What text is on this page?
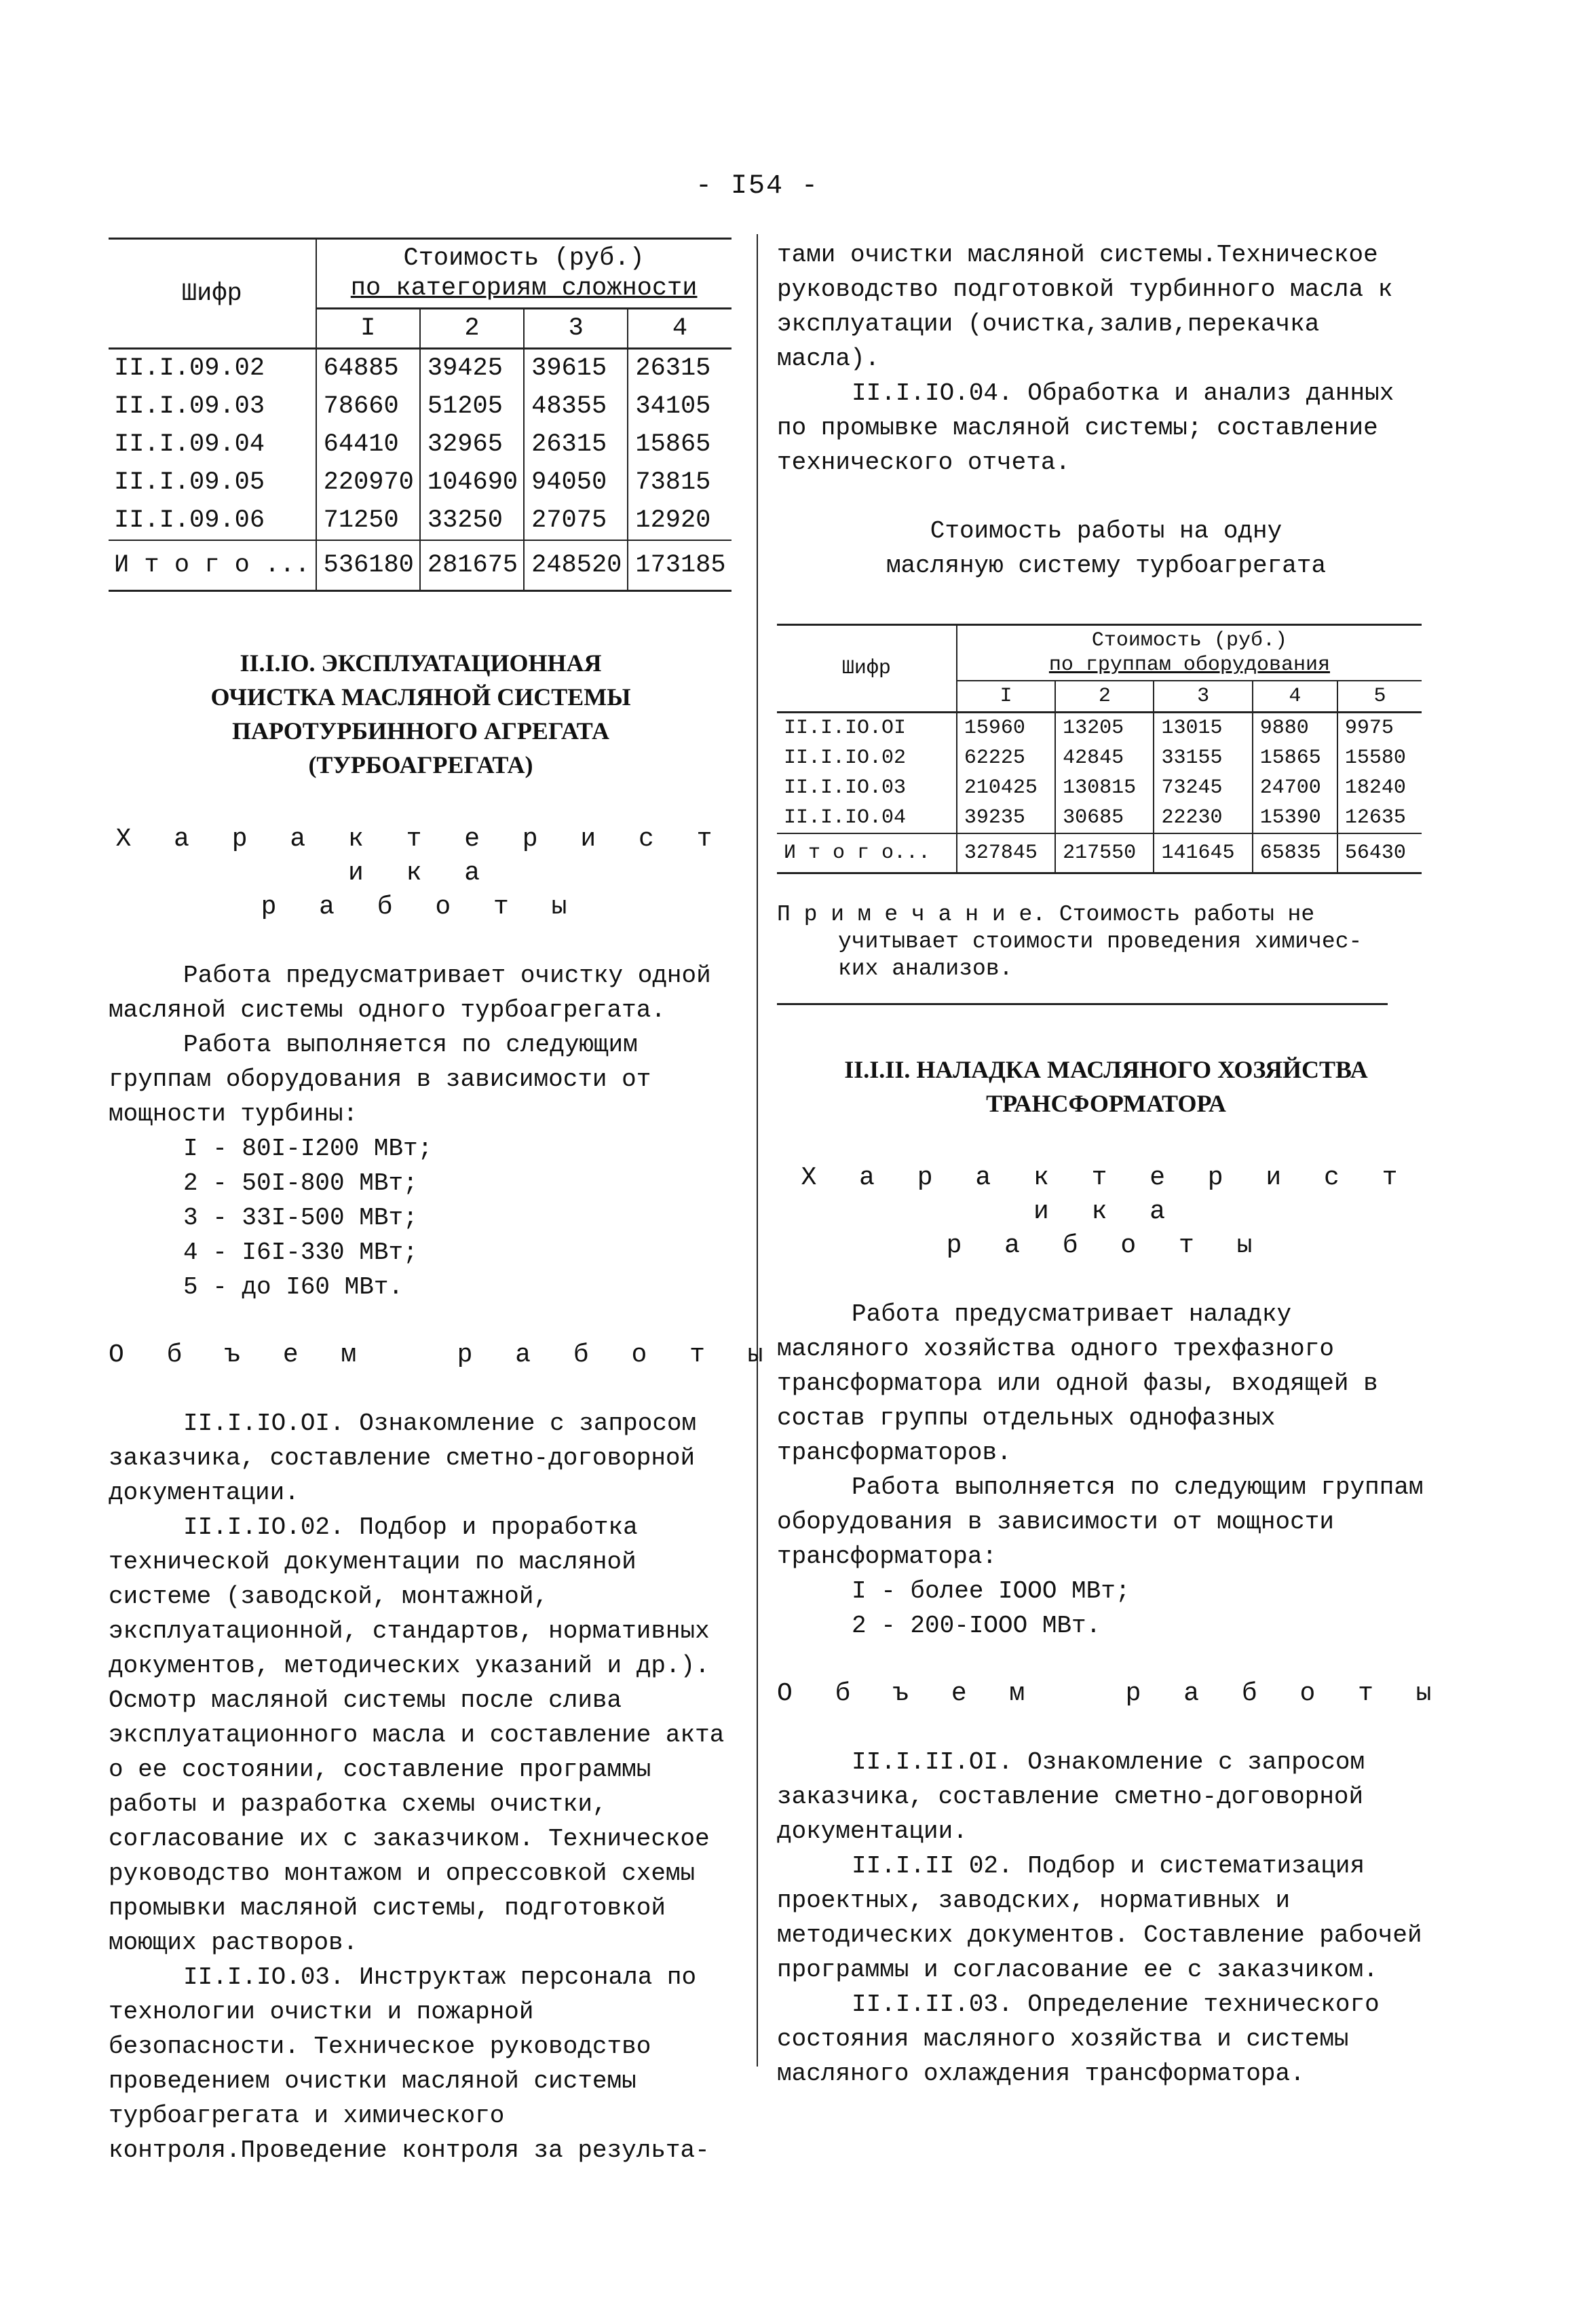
- I54 -
Шифр	Стоимость (руб.)
по категориям сложности			

	I	2	3	4
II.I.09.02	64885	39425	39615	26315
II.I.09.03	78660	51205	48355	34105
II.I.09.04	64410	32965	26315	15865
II.I.09.05	220970	104690	94050	73815
II.I.09.06	71250	33250	27075	12920
И т о г о ...	536180	281675	248520	173185
II.I.IO. ЭКСПЛУАТАЦИОННАЯ
ОЧИСТКА МАСЛЯНОЙ СИСТЕМЫ
ПАРОТУРБИННОГО АГРЕГАТА
(ТУРБОАГРЕГАТА)
Х а р а к т е р и с т и к а
р а б о т ы

Работа предусматривает очистку одной масляной системы одного турбоагрегата.

Работа выполняется по следующим группам оборудования в зависимости от мощности турбины:

I - 80I-I200 МВт;
2 - 50I-800 МВт;
3 - 33I-500 МВт;
4 - I6I-330 МВт;
5 - до I60 МВт.
О б ъ е м   р а б о т ы

II.I.IO.OI. Ознакомление с запросом заказчика, составление сметно-договорной документации.

II.I.IO.02. Подбор и проработка технической документации по масляной системе (заводской, монтажной, эксплуатационной, стандартов, нормативных документов, методических указаний и др.). Осмотр масляной системы после слива эксплуатационного масла и составление акта о ее состоянии, составление программы работы и разработка схемы очистки, согласование их с заказчиком. Техническое руководство монтажом и опрессовкой схемы промывки масляной системы, подготовкой моющих растворов.

II.I.IO.03. Инструктаж персонала по технологии очистки и пожарной безопасности. Техническое руководство проведением очистки масляной системы турбоагрегата и химического контроля.Проведение контроля за результа-

тами очистки масляной системы.Техническое руководство подготовкой турбинного масла к эксплуатации (очистка,залив,перекачка масла).

II.I.IO.04. Обработка и анализ данных по промывке масляной системы; составление технического отчета.

Стоимость работы на одну
масляную систему турбоагрегата
Шифр	Стоимость (руб.)
по группам оборудования				

	I	2	3	4	5
II.I.IO.OI	15960	13205	13015	9880	9975
II.I.IO.02	62225	42845	33155	15865	15580
II.I.IO.03	210425	130815	73245	24700	18240
II.I.IO.04	39235	30685	22230	15390	12635
И т о г о...	327845	217550	141645	65835	56430
П р и м е ч а н и е. Стоимость работы не
учитывает стоимости проведения химичес-
ких анализов.
II.I.II. НАЛАДКА МАСЛЯНОГО ХОЗЯЙСТВА
ТРАНСФОРМАТОРА
Х а р а к т е р и с т и к а
р а б о т ы

Работа предусматривает наладку масляного хозяйства одного трехфазного трансформатора или одной фазы, входящей в состав группы отдельных однофазных трансформаторов.

Работа выполняется по следующим группам оборудования в зависимости от мощности трансформатора:

I - более IOOO МВт;
2 - 200-IOOO МВт.
О б ъ е м   р а б о т ы

II.I.II.OI. Ознакомление с запросом заказчика, составление сметно-договорной документации.

II.I.II 02. Подбор и систематизация проектных, заводских, нормативных и методических документов. Составление рабочей программы и согласование ее с заказчиком.

II.I.II.03. Определение технического состояния масляного хозяйства и системы масляного охлаждения трансформатора.
